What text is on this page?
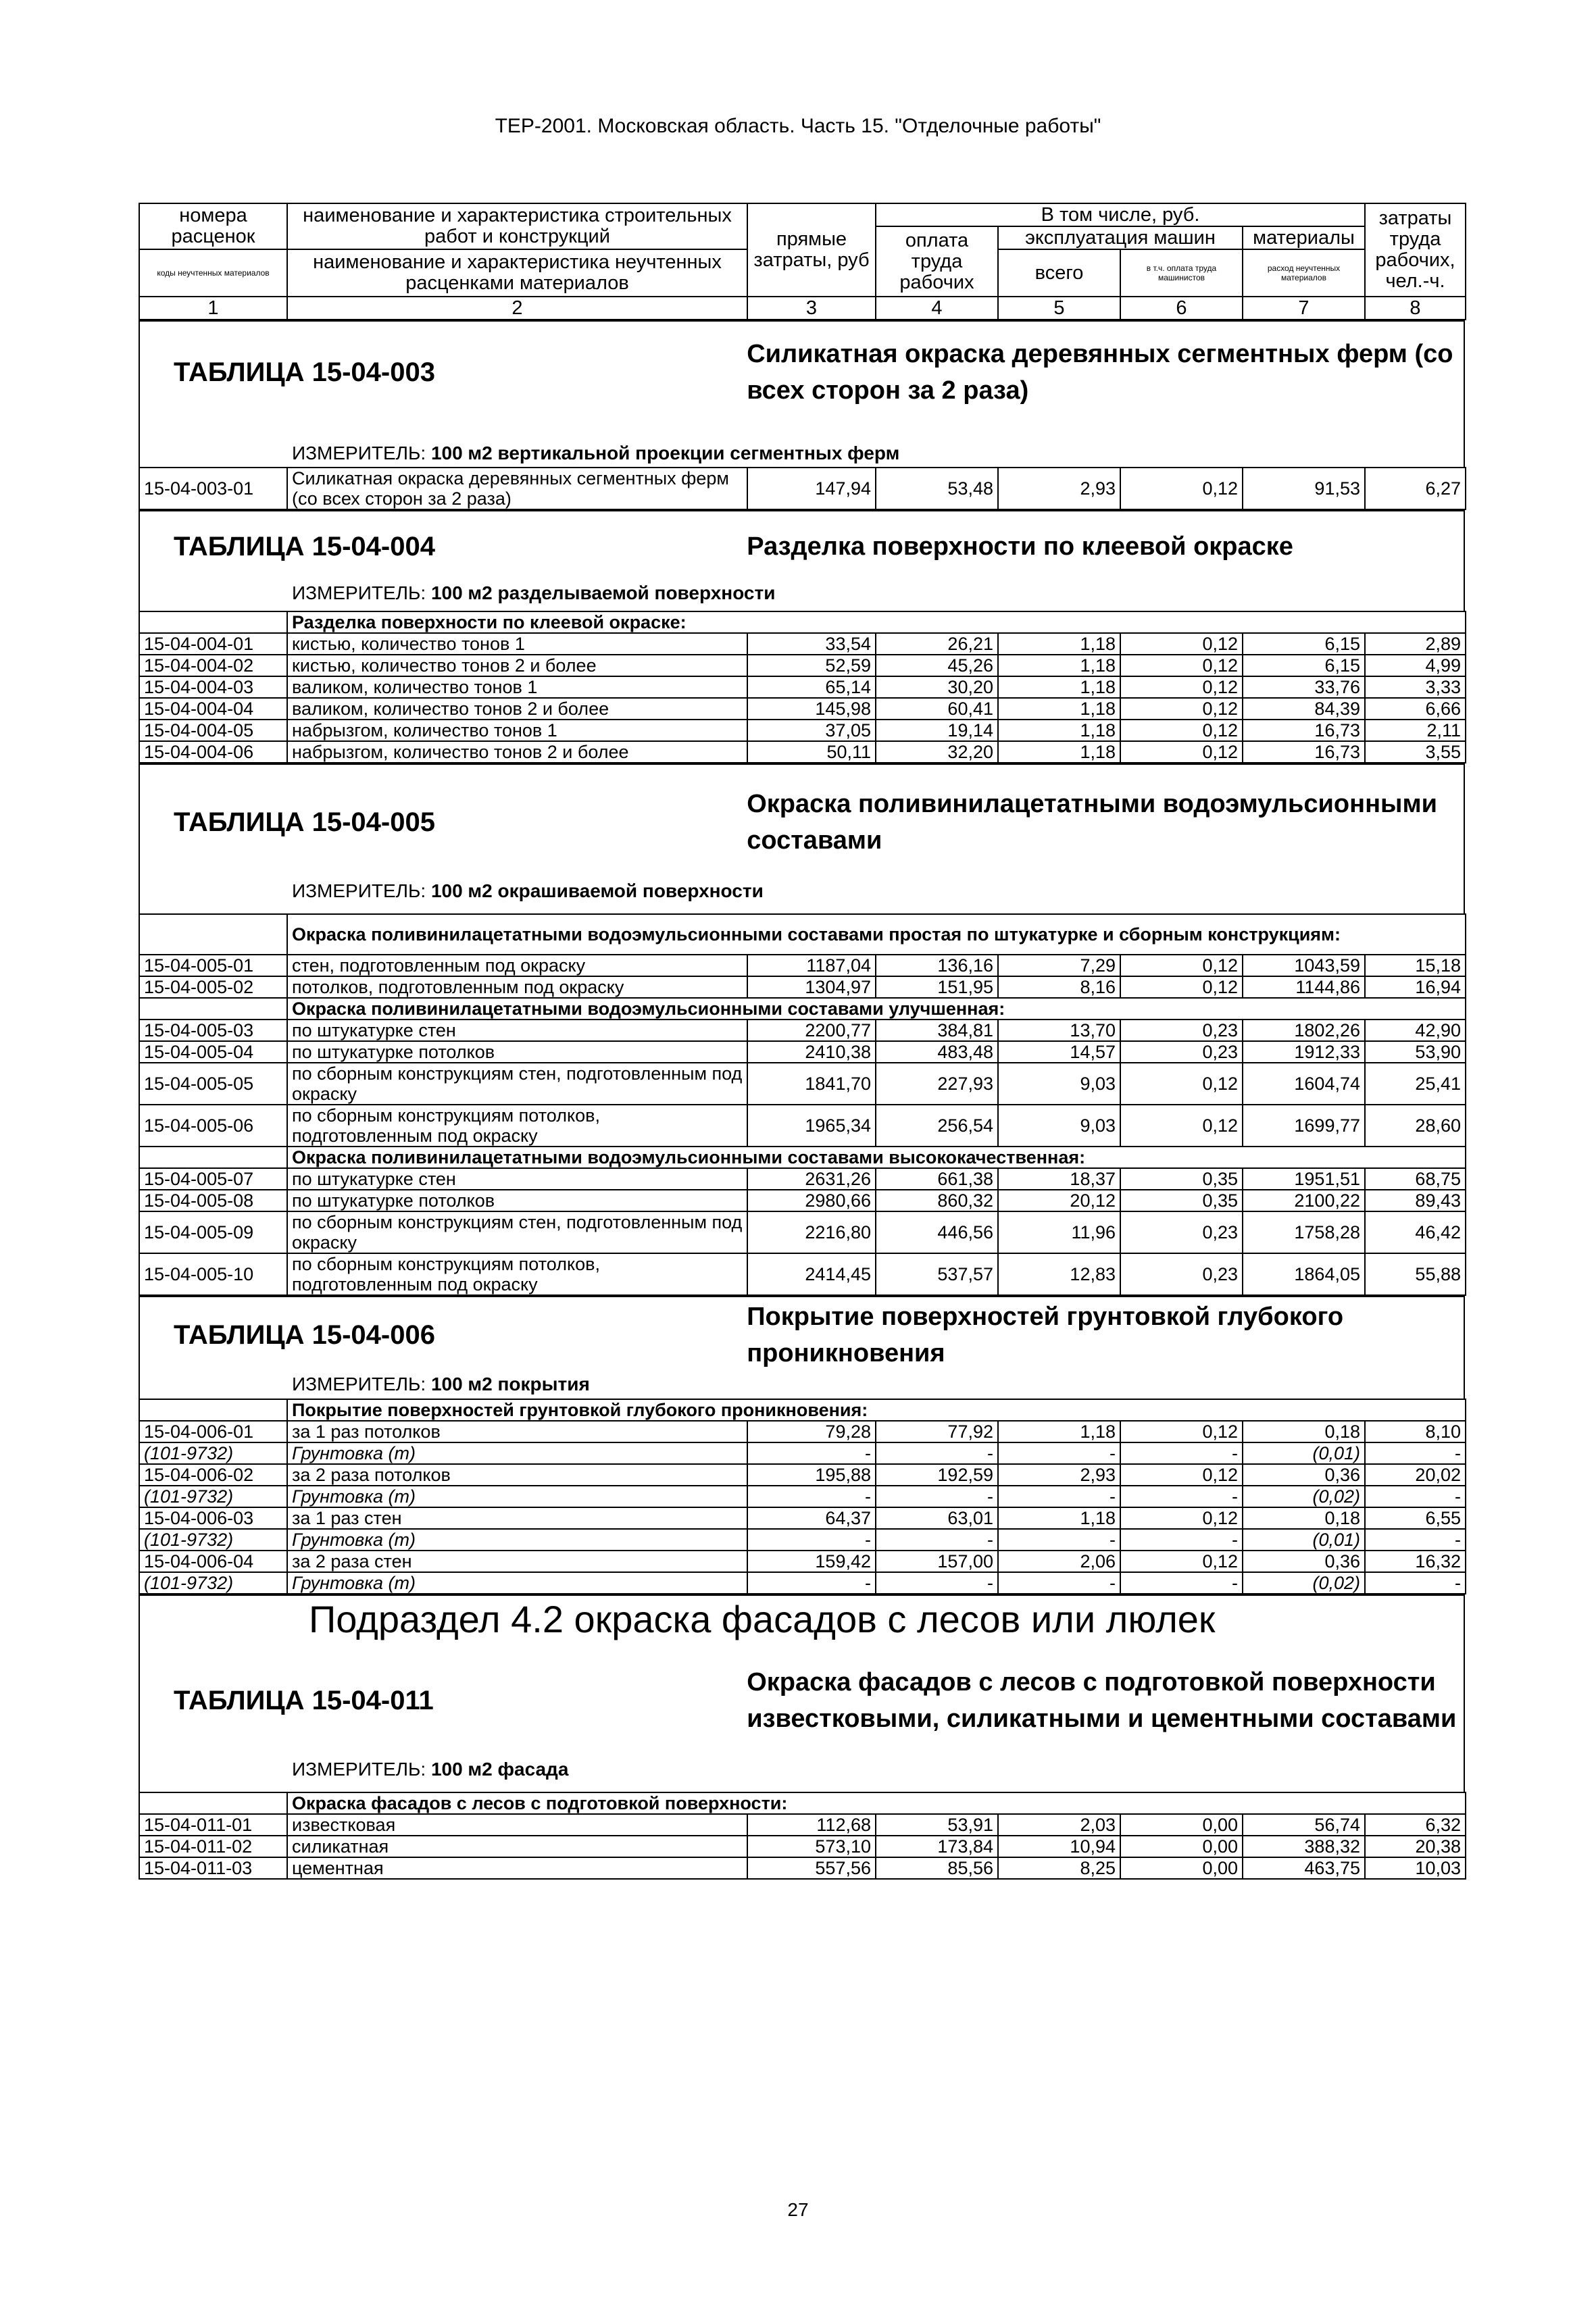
ТЕР-2001. Московская область. Часть 15. "Отделочные работы"
номера расценок	наименование и характеристика строительных работ и конструкций	прямые затраты, руб	В том числе, руб.				затраты труда рабочих, чел.-ч.
			оплата труда рабочих	эксплуатация машин		материалы	
коды неучтенных материалов	наименование и характеристика неучтенных расценками материалов			всего	в т.ч. оплата труда машинистов	расход неучтенных материалов	
1	2	3	4	5	6	7	8
ТАБЛИЦА 15-04-003
Силикатная окраска деревянных сегментных ферм (со всех сторон за 2 раза)
ИЗМЕРИТЕЛЬ: 100 м2 вертикальной проекции сегментных ферм
15-04-003-01	Силикатная окраска деревянных сегментных ферм (со всех сторон за 2 раза)	147,94	53,48	2,93	0,12	91,53	6,27
ТАБЛИЦА 15-04-004	Разделка поверхности по клеевой окраске
ИЗМЕРИТЕЛЬ: 100 м2 разделываемой поверхности
	Разделка поверхности по клеевой окраске:						
15-04-004-01	кистью, количество тонов 1	33,54	26,21	1,18	0,12	6,15	2,89
15-04-004-02	кистью, количество тонов 2 и более	52,59	45,26	1,18	0,12	6,15	4,99
15-04-004-03	валиком, количество тонов 1	65,14	30,20	1,18	0,12	33,76	3,33
15-04-004-04	валиком, количество тонов 2 и более	145,98	60,41	1,18	0,12	84,39	6,66
15-04-004-05	набрызгом, количество тонов 1	37,05	19,14	1,18	0,12	16,73	2,11
15-04-004-06	набрызгом, количество тонов 2 и более	50,11	32,20	1,18	0,12	16,73	3,55
ТАБЛИЦА 15-04-005
Окраска поливинилацетатными водоэмульсионными составами
ИЗМЕРИТЕЛЬ: 100 м2 окрашиваемой поверхности
	Окраска поливинилацетатными водоэмульсионными составами простая по штукатурке и сборным конструкциям:						
15-04-005-01	стен, подготовленным под окраску	1187,04	136,16	7,29	0,12	1043,59	15,18
15-04-005-02	потолков, подготовленным под окраску	1304,97	151,95	8,16	0,12	1144,86	16,94
	Окраска поливинилацетатными водоэмульсионными составами улучшенная:						
15-04-005-03	по штукатурке стен	2200,77	384,81	13,70	0,23	1802,26	42,90
15-04-005-04	по штукатурке потолков	2410,38	483,48	14,57	0,23	1912,33	53,90
15-04-005-05	по сборным конструкциям стен, подготовленным под окраску	1841,70	227,93	9,03	0,12	1604,74	25,41
15-04-005-06	по сборным конструкциям потолков, подготовленным под окраску	1965,34	256,54	9,03	0,12	1699,77	28,60
	Окраска поливинилацетатными водоэмульсионными составами высококачественная:						
15-04-005-07	по штукатурке стен	2631,26	661,38	18,37	0,35	1951,51	68,75
15-04-005-08	по штукатурке потолков	2980,66	860,32	20,12	0,35	2100,22	89,43
15-04-005-09	по сборным конструкциям стен, подготовленным под окраску	2216,80	446,56	11,96	0,23	1758,28	46,42
15-04-005-10	по сборным конструкциям потолков, подготовленным под окраску	2414,45	537,57	12,83	0,23	1864,05	55,88
ТАБЛИЦА 15-04-006
Покрытие поверхностей грунтовкой глубокого проникновения
ИЗМЕРИТЕЛЬ: 100 м2 покрытия
	Покрытие поверхностей грунтовкой глубокого проникновения:						
15-04-006-01	за 1 раз потолков	79,28	77,92	1,18	0,12	0,18	8,10
(101-9732)	Грунтовка (т)	-	-	-	-	(0,01)	-
15-04-006-02	за 2 раза потолков	195,88	192,59	2,93	0,12	0,36	20,02
(101-9732)	Грунтовка (т)	-	-	-	-	(0,02)	-
15-04-006-03	за 1 раз стен	64,37	63,01	1,18	0,12	0,18	6,55
(101-9732)	Грунтовка (т)	-	-	-	-	(0,01)	-
15-04-006-04	за 2 раза стен	159,42	157,00	2,06	0,12	0,36	16,32
(101-9732)	Грунтовка (т)	-	-	-	-	(0,02)	-
Подраздел 4.2 окраска фасадов с лесов или люлек
ТАБЛИЦА 15-04-011
Окраска фасадов с лесов с подготовкой поверхности известковыми, силикатными и цементными составами
ИЗМЕРИТЕЛЬ: 100 м2 фасада
	Окраска фасадов с лесов с подготовкой поверхности:						
15-04-011-01	известковая	112,68	53,91	2,03	0,00	56,74	6,32
15-04-011-02	силикатная	573,10	173,84	10,94	0,00	388,32	20,38
15-04-011-03	цементная	557,56	85,56	8,25	0,00	463,75	10,03
27
